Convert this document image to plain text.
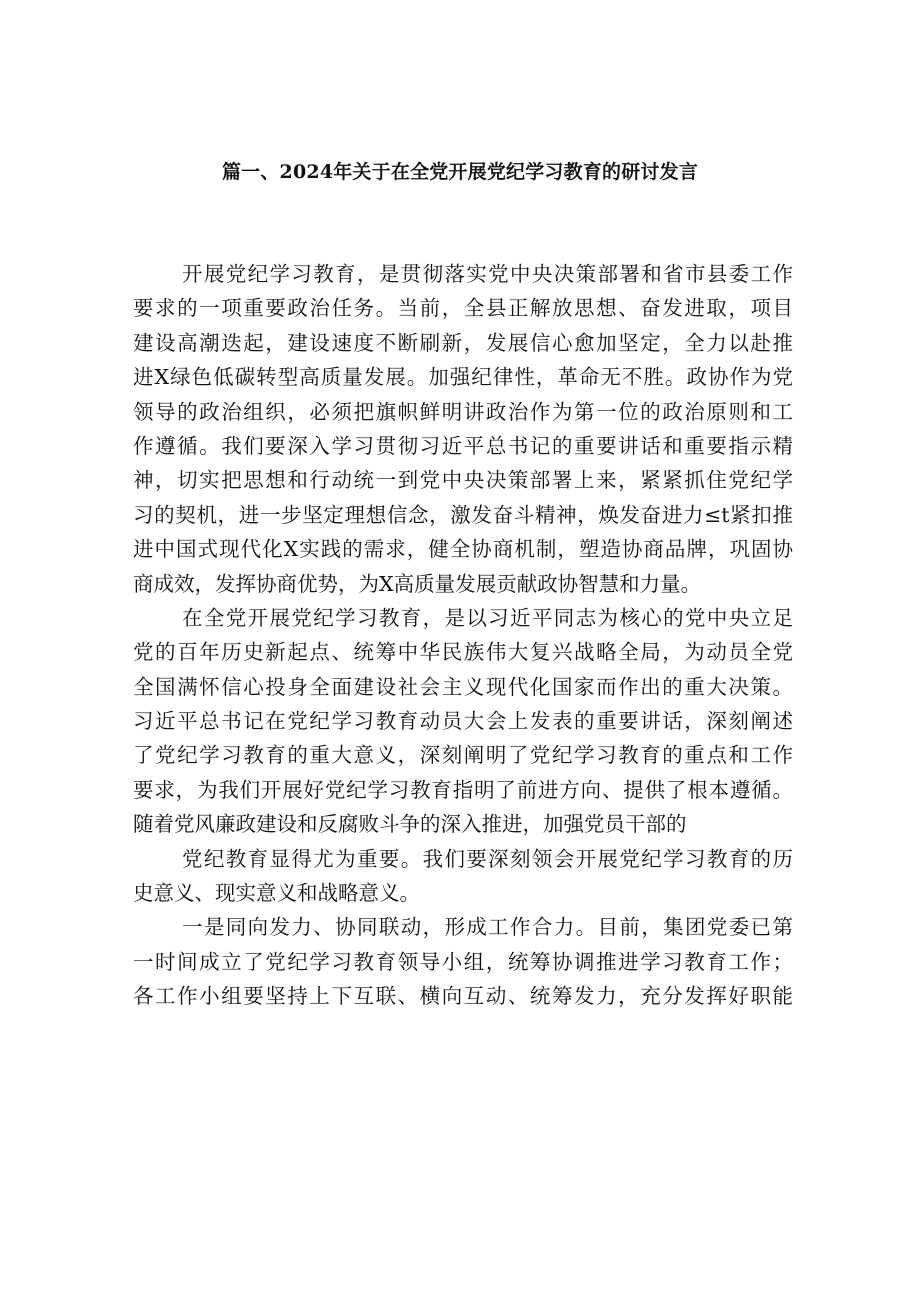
篇一、2024年关于在全党开展党纪学习教育的研讨发言
开展党纪学习教育，是贯彻落实党中央决策部署和省市县委工作
要求的一项重要政治任务。当前，全县正解放思想、奋发进取，项目
建设高潮迭起，建设速度不断刷新，发展信心愈加坚定，全力以赴推
进X绿色低碳转型高质量发展。加强纪律性，革命无不胜。政协作为党
领导的政治组织，必须把旗帜鲜明讲政治作为第一位的政治原则和工
作遵循。我们要深入学习贯彻习近平总书记的重要讲话和重要指示精
神，切实把思想和行动统一到党中央决策部署上来，紧紧抓住党纪学
习的契机，进一步坚定理想信念，激发奋斗精神，焕发奋进力≤t紧扣推
进中国式现代化X实践的需求，健全协商机制，塑造协商品牌，巩固协
商成效，发挥协商优势，为X高质量发展贡献政协智慧和力量。
在全党开展党纪学习教育，是以习近平同志为核心的党中央立足
党的百年历史新起点、统筹中华民族伟大复兴战略全局，为动员全党
全国满怀信心投身全面建设社会主义现代化国家而作出的重大决策。
习近平总书记在党纪学习教育动员大会上发表的重要讲话，深刻阐述
了党纪学习教育的重大意义，深刻阐明了党纪学习教育的重点和工作
要求，为我们开展好党纪学习教育指明了前进方向、提供了根本遵循。
随着党风廉政建设和反腐败斗争的深入推进，加强党员干部的
党纪教育显得尤为重要。我们要深刻领会开展党纪学习教育的历
史意义、现实意义和战略意义。
一是同向发力、协同联动，形成工作合力。目前，集团党委已第
一时间成立了党纪学习教育领导小组，统筹协调推进学习教育工作；
各工作小组要坚持上下互联、横向互动、统筹发力，充分发挥好职能
